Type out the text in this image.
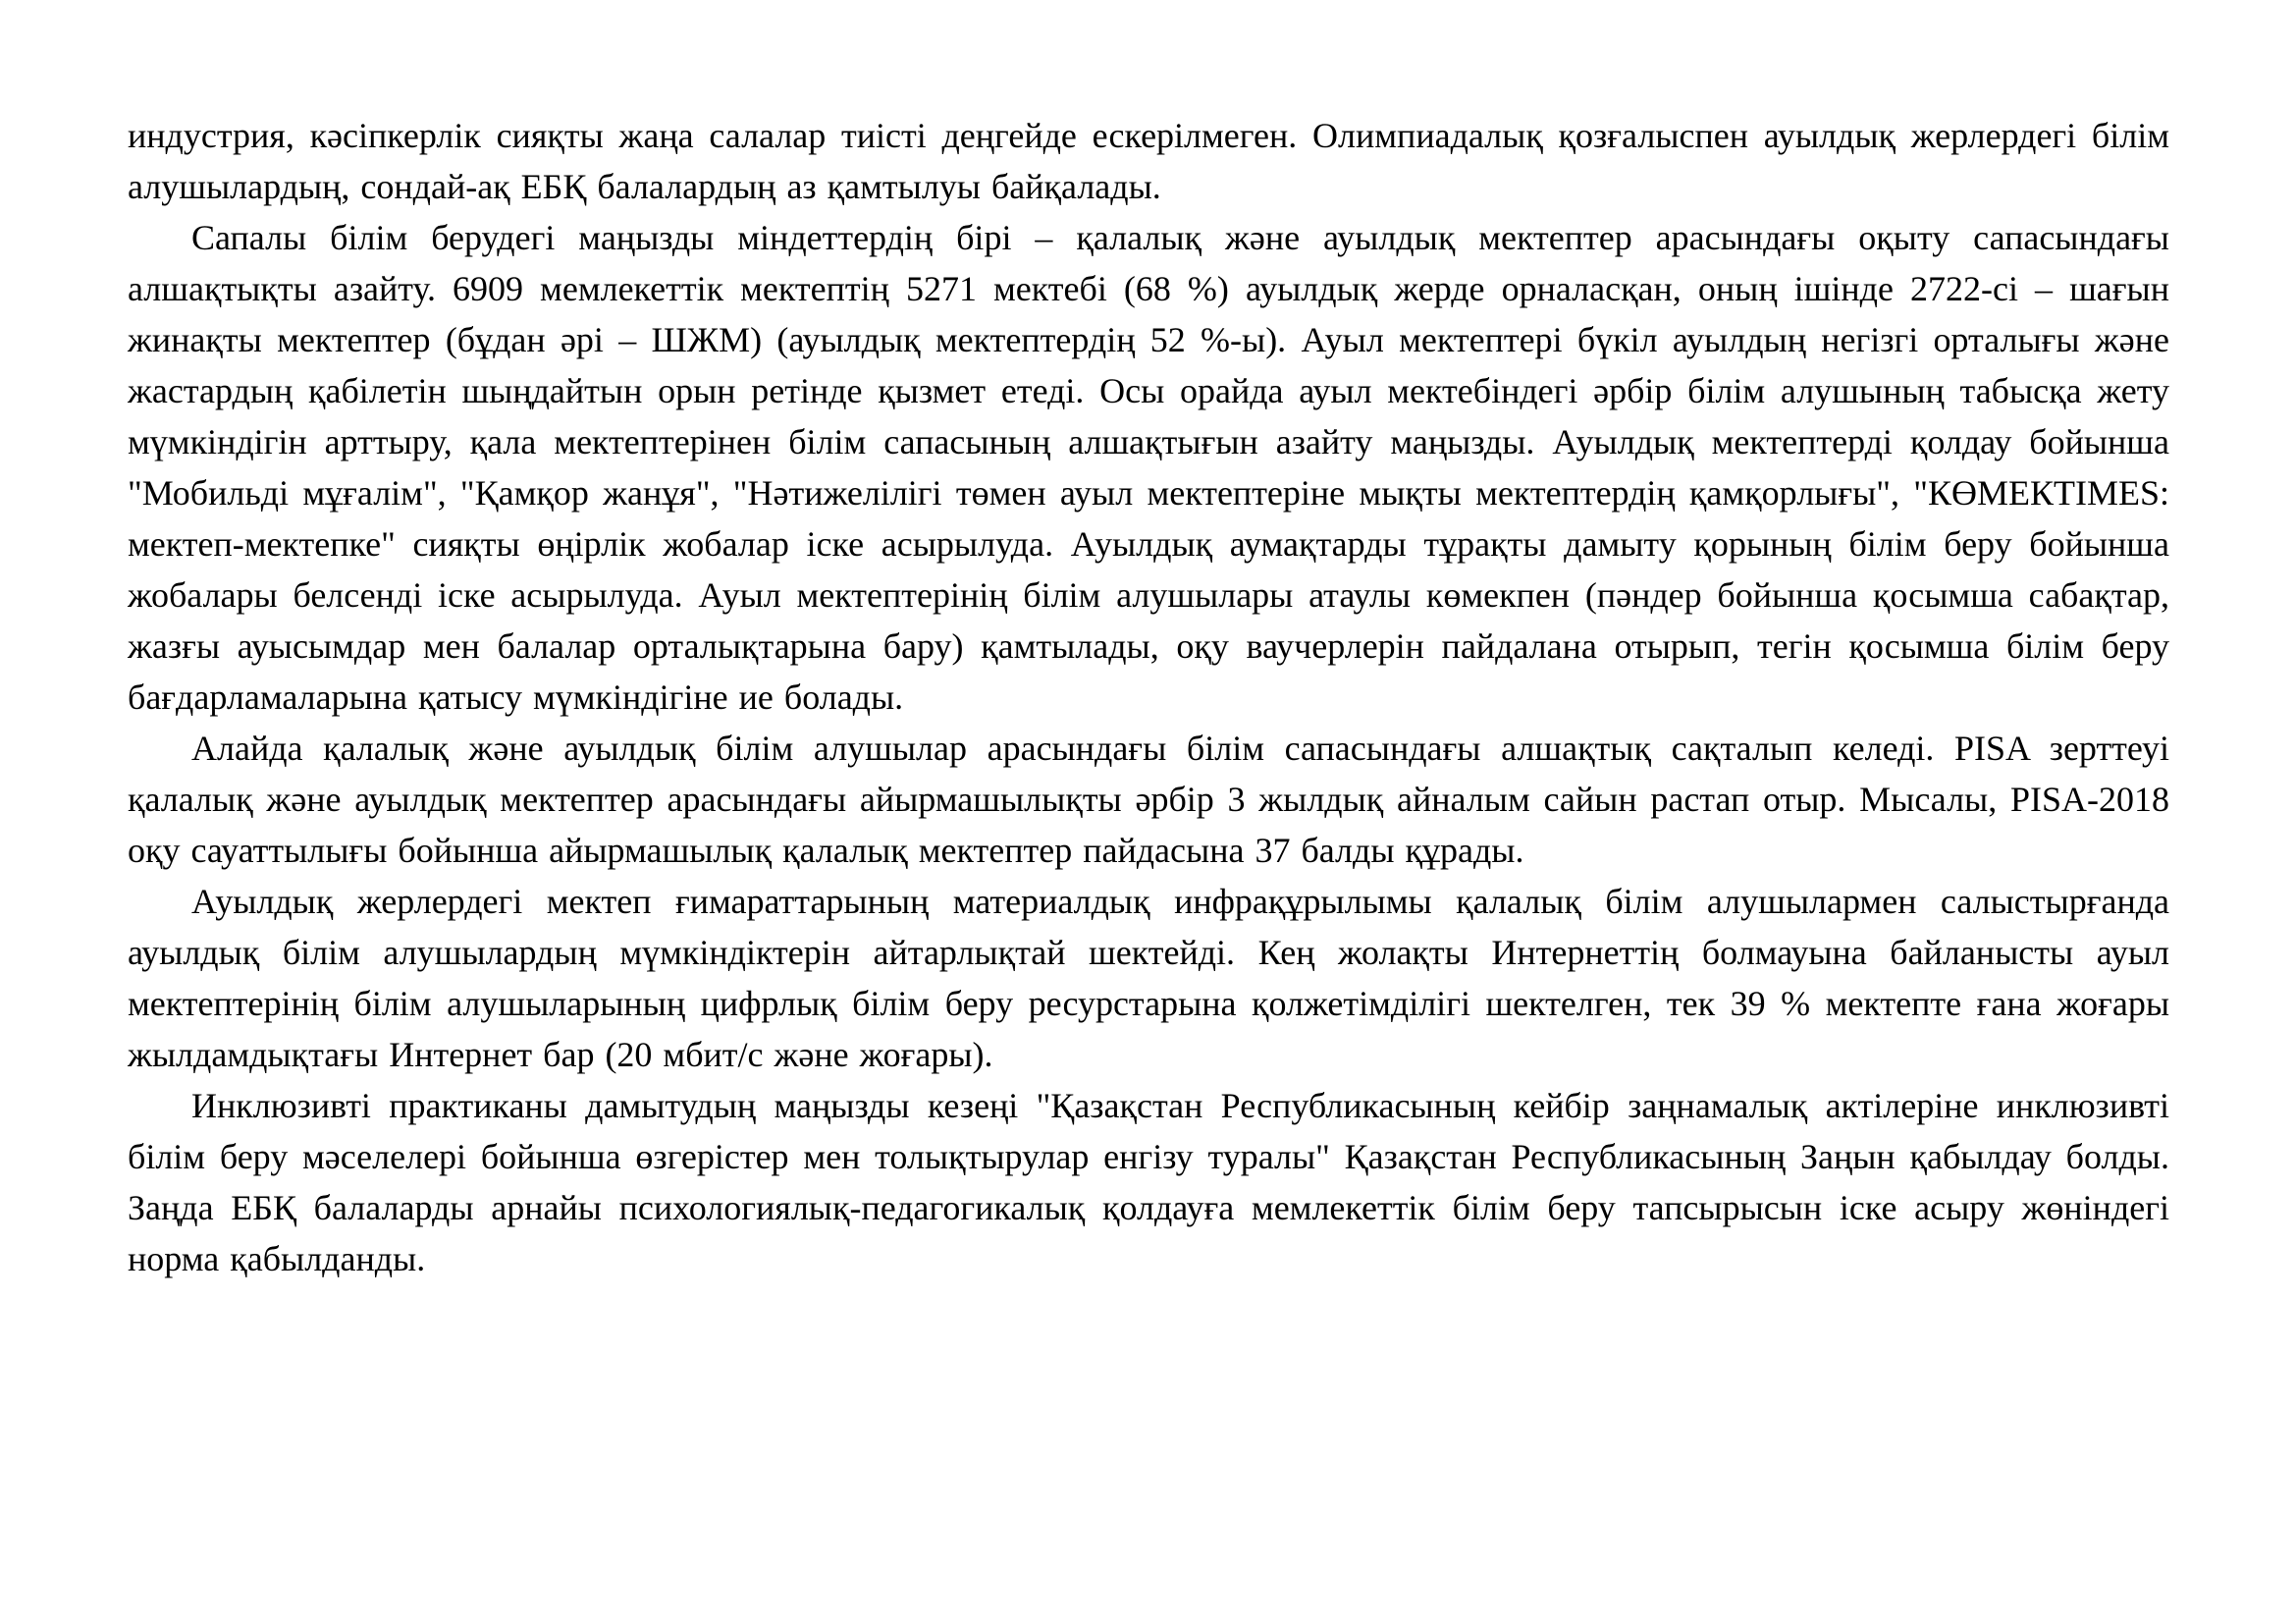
индустрия, кәсіпкерлік сияқты жаңа салалар тиісті деңгейде ескерілмеген. Олимпиадалық қозғалыспен ауылдық жерлердегі білім алушылардың, сондай-ақ ЕБҚ балалардың аз қамтылуы байқалады.

Сапалы білім берудегі маңызды міндеттердің бірі – қалалық және ауылдық мектептер арасындағы оқыту сапасындағы алшақтықты азайту. 6909 мемлекеттік мектептің 5271 мектебі (68 %) ауылдық жерде орналасқан, оның ішінде 2722-сі – шағын жинақты мектептер (бұдан әрі – ШЖМ) (ауылдық мектептердің 52 %-ы). Ауыл мектептері бүкіл ауылдың негізгі орталығы және жастардың қабілетін шыңдайтын орын ретінде қызмет етеді. Осы орайда ауыл мектебіндегі әрбір білім алушының табысқа жету мүмкіндігін арттыру, қала мектептерінен білім сапасының алшақтығын азайту маңызды. Ауылдық мектептерді қолдау бойынша "Мобильді мұғалім", "Қамқор жанұя", "Нәтижелілігі төмен ауыл мектептеріне мықты мектептердің қамқорлығы", "КӨМЕКТIMES: мектеп-мектепке" сияқты өңірлік жобалар іске асырылуда. Ауылдық аумақтарды тұрақты дамыту қорының білім беру бойынша жобалары белсенді іске асырылуда. Ауыл мектептерінің білім алушылары атаулы көмекпен (пәндер бойынша қосымша сабақтар, жазғы ауысымдар мен балалар орталықтарына бару) қамтылады, оқу ваучерлерін пайдалана отырып, тегін қосымша білім беру бағдарламаларына қатысу мүмкіндігіне ие болады.

Алайда қалалық және ауылдық білім алушылар арасындағы білім сапасындағы алшақтық сақталып келеді. PISA зерттеуі қалалық және ауылдық мектептер арасындағы айырмашылықты әрбір 3 жылдық айналым сайын растап отыр. Мысалы, PISA-2018 оқу сауаттылығы бойынша айырмашылық қалалық мектептер пайдасына 37 балды құрады.

Ауылдық жерлердегі мектеп ғимараттарының материалдық инфрақұрылымы қалалық білім алушылармен салыстырғанда ауылдық білім алушылардың мүмкіндіктерін айтарлықтай шектейді. Кең жолақты Интернеттің болмауына байланысты ауыл мектептерінің білім алушыларының цифрлық білім беру ресурстарына қолжетімділігі шектелген, тек 39 % мектепте ғана жоғары жылдамдықтағы Интернет бар (20 мбит/с және жоғары).

Инклюзивті практиканы дамытудың маңызды кезеңі "Қазақстан Республикасының кейбір заңнамалық актілеріне инклюзивті білім беру мәселелері бойынша өзгерістер мен толықтырулар енгізу туралы" Қазақстан Республикасының Заңын қабылдау болды. Заңда ЕБҚ балаларды арнайы психологиялық-педагогикалық қолдауға мемлекеттік білім беру тапсырысын іске асыру жөніндегі норма қабылданды.
